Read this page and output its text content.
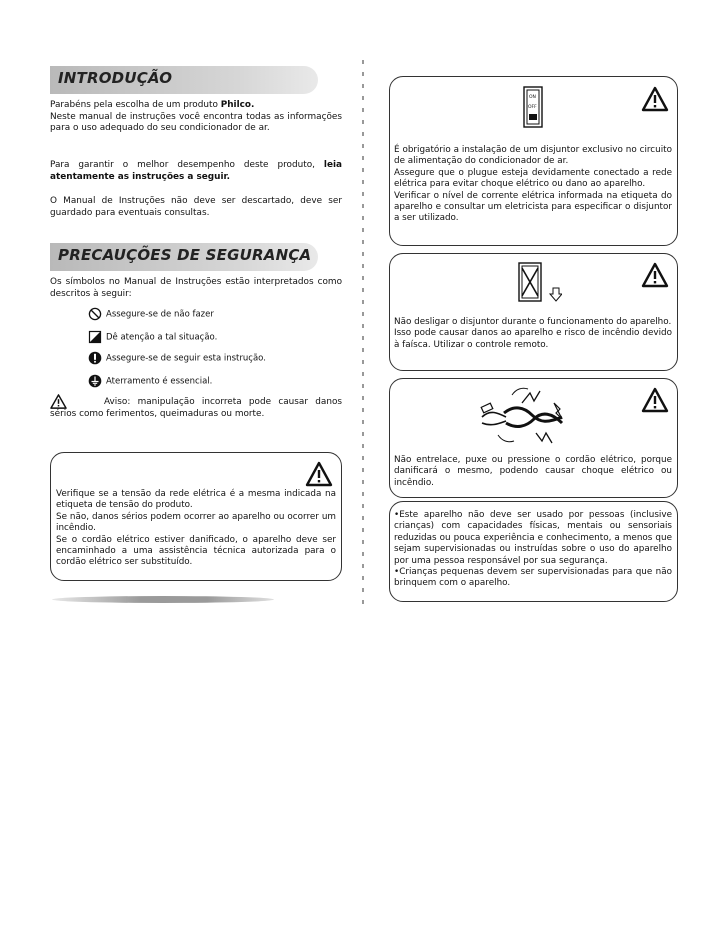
INTRODUÇÃO
Parabéns pela escolha de um produto Philco.
Neste manual de instruções você encontra todas as informações para o uso adequado do seu condicionador de ar.
Para garantir o melhor desempenho deste produto, leia atentamente as instruções a seguir.
O Manual de Instruções não deve ser descartado, deve ser guardado para eventuais consultas.
PRECAUÇÕES DE SEGURANÇA
Os símbolos no Manual de Instruções estão interpretados como descritos à seguir:
Assegure-se de não fazer
Dê atenção a tal situação.
Assegure-se de seguir esta instrução.
Aterramento é essencial.
Aviso: manipulação incorreta pode causar danos sérios como ferimentos, queimaduras ou morte.
Verifique se a tensão da rede elétrica é a mesma indicada na etiqueta de tensão do produto.
Se não, danos sérios podem ocorrer ao aparelho ou ocorrer um incêndio.
Se o cordão elétrico estiver danificado, o aparelho deve ser encaminhado a uma assistência técnica autorizada para o cordão elétrico ser substituído.
ON
OFF
É obrigatório a instalação de um disjuntor exclusivo no circuito de alimentação do condicionador de ar.
Assegure que o plugue esteja devidamente conectado a rede elétrica para evitar choque elétrico ou dano ao aparelho.
Verificar o nível de corrente elétrica informada na etiqueta do aparelho e consultar um eletricista para especificar o disjuntor a ser utilizado.
Não desligar o disjuntor durante o funcionamento do aparelho.
Isso pode causar danos ao aparelho e risco de incêndio devido à faísca. Utilizar o controle remoto.
Não entrelace, puxe ou pressione o cordão elétrico, porque danificará o mesmo, podendo causar choque elétrico ou incêndio.
•Este aparelho não deve ser usado por pessoas (inclusive crianças) com capacidades físicas, mentais ou sensoriais reduzidas ou pouca experiência e conhecimento, a menos que sejam supervisionadas ou instruídas sobre o uso do aparelho por uma pessoa responsável por sua segurança.
•Crianças pequenas devem ser supervisionadas para que não brinquem com o aparelho.
